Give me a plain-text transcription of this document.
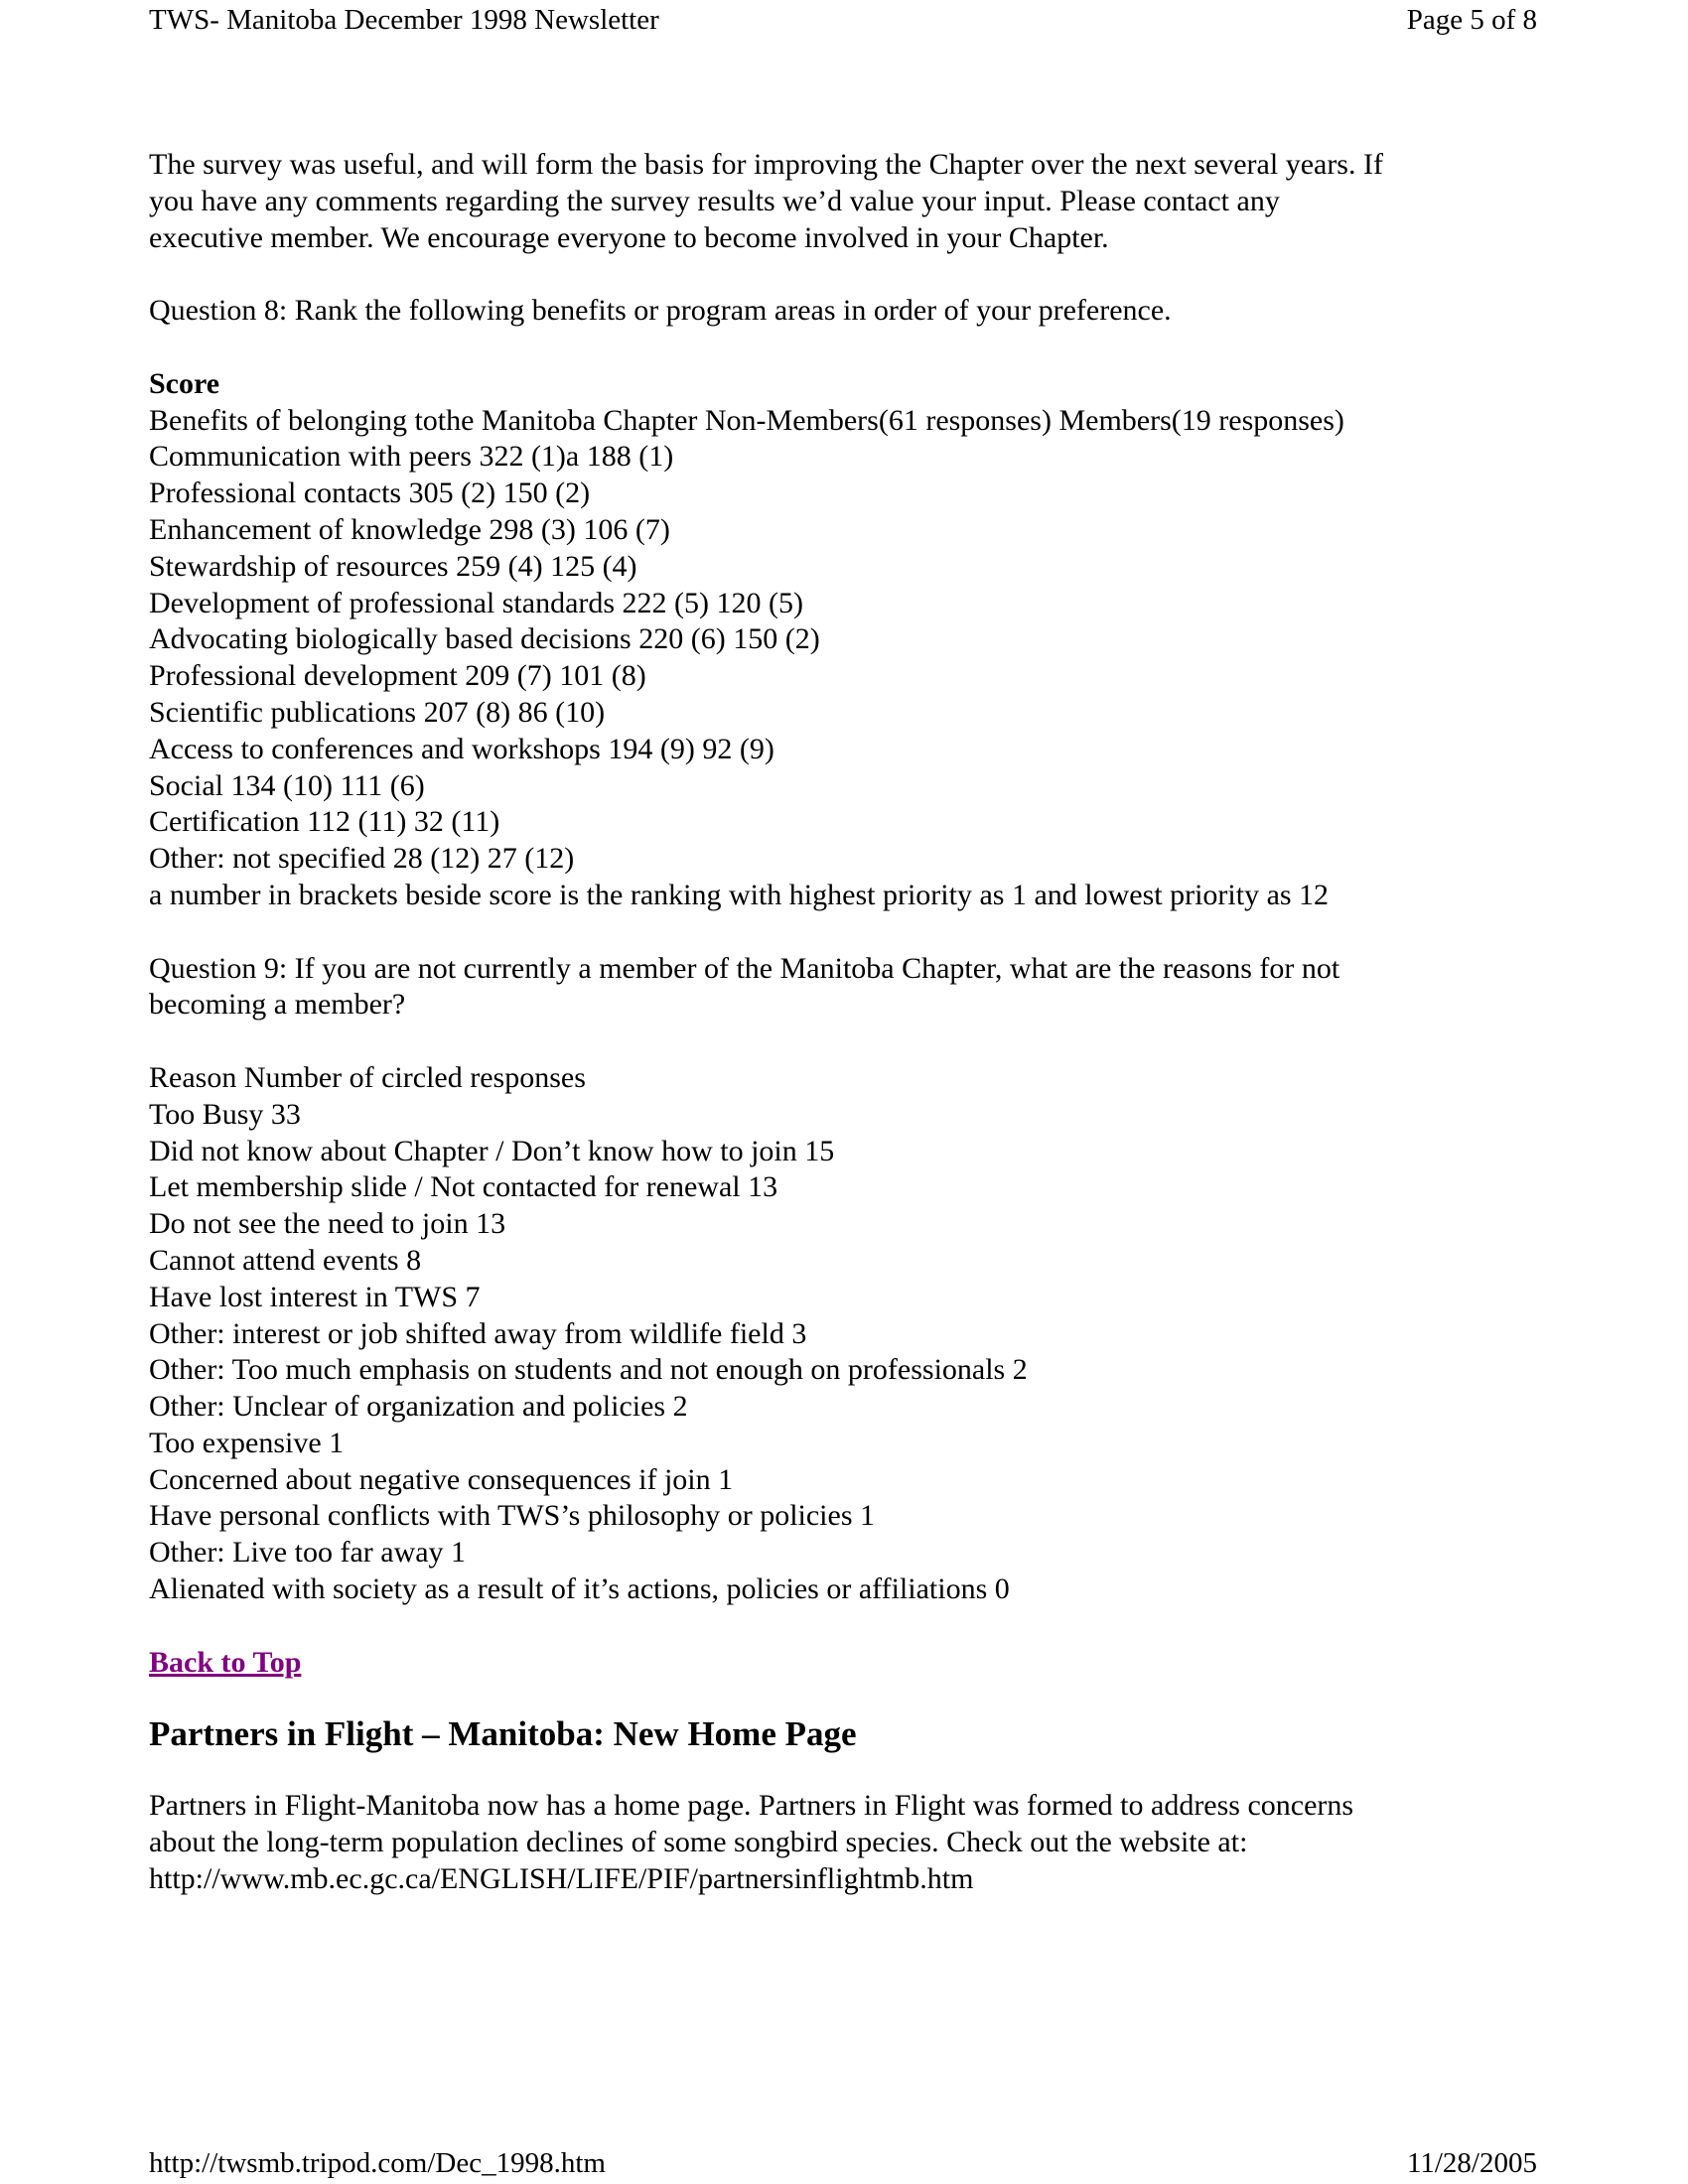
TWS- Manitoba December 1998 Newsletter	Page 5 of 8

The survey was useful, and will form the basis for improving the Chapter over the next several years. If
you have any comments regarding the survey results we’d value your input. Please contact any
executive member. We encourage everyone to become involved in your Chapter.

Question 8: Rank the following benefits or program areas in order of your preference.

Score
Benefits of belonging tothe Manitoba Chapter Non-Members(61 responses) Members(19 responses)
Communication with peers 322 (1)a 188 (1)
Professional contacts 305 (2) 150 (2)
Enhancement of knowledge 298 (3) 106 (7)
Stewardship of resources 259 (4) 125 (4)
Development of professional standards 222 (5) 120 (5)
Advocating biologically based decisions 220 (6) 150 (2)
Professional development 209 (7) 101 (8)
Scientific publications 207 (8) 86 (10)
Access to conferences and workshops 194 (9) 92 (9)
Social 134 (10) 111 (6)
Certification 112 (11) 32 (11)
Other: not specified 28 (12) 27 (12)
a number in brackets beside score is the ranking with highest priority as 1 and lowest priority as 12

Question 9: If you are not currently a member of the Manitoba Chapter, what are the reasons for not
becoming a member?

Reason Number of circled responses
Too Busy 33
Did not know about Chapter / Don’t know how to join 15
Let membership slide / Not contacted for renewal 13
Do not see the need to join 13
Cannot attend events 8
Have lost interest in TWS 7
Other: interest or job shifted away from wildlife field 3
Other: Too much emphasis on students and not enough on professionals 2
Other: Unclear of organization and policies 2
Too expensive 1
Concerned about negative consequences if join 1
Have personal conflicts with TWS’s philosophy or policies 1
Other: Live too far away 1
Alienated with society as a result of it’s actions, policies or affiliations 0

Back to Top

Partners in Flight – Manitoba: New Home Page

Partners in Flight-Manitoba now has a home page. Partners in Flight was formed to address concerns
about the long-term population declines of some songbird species. Check out the website at:
http://www.mb.ec.gc.ca/ENGLISH/LIFE/PIF/partnersinflightmb.htm

http://twsmb.tripod.com/Dec_1998.htm	11/28/2005
